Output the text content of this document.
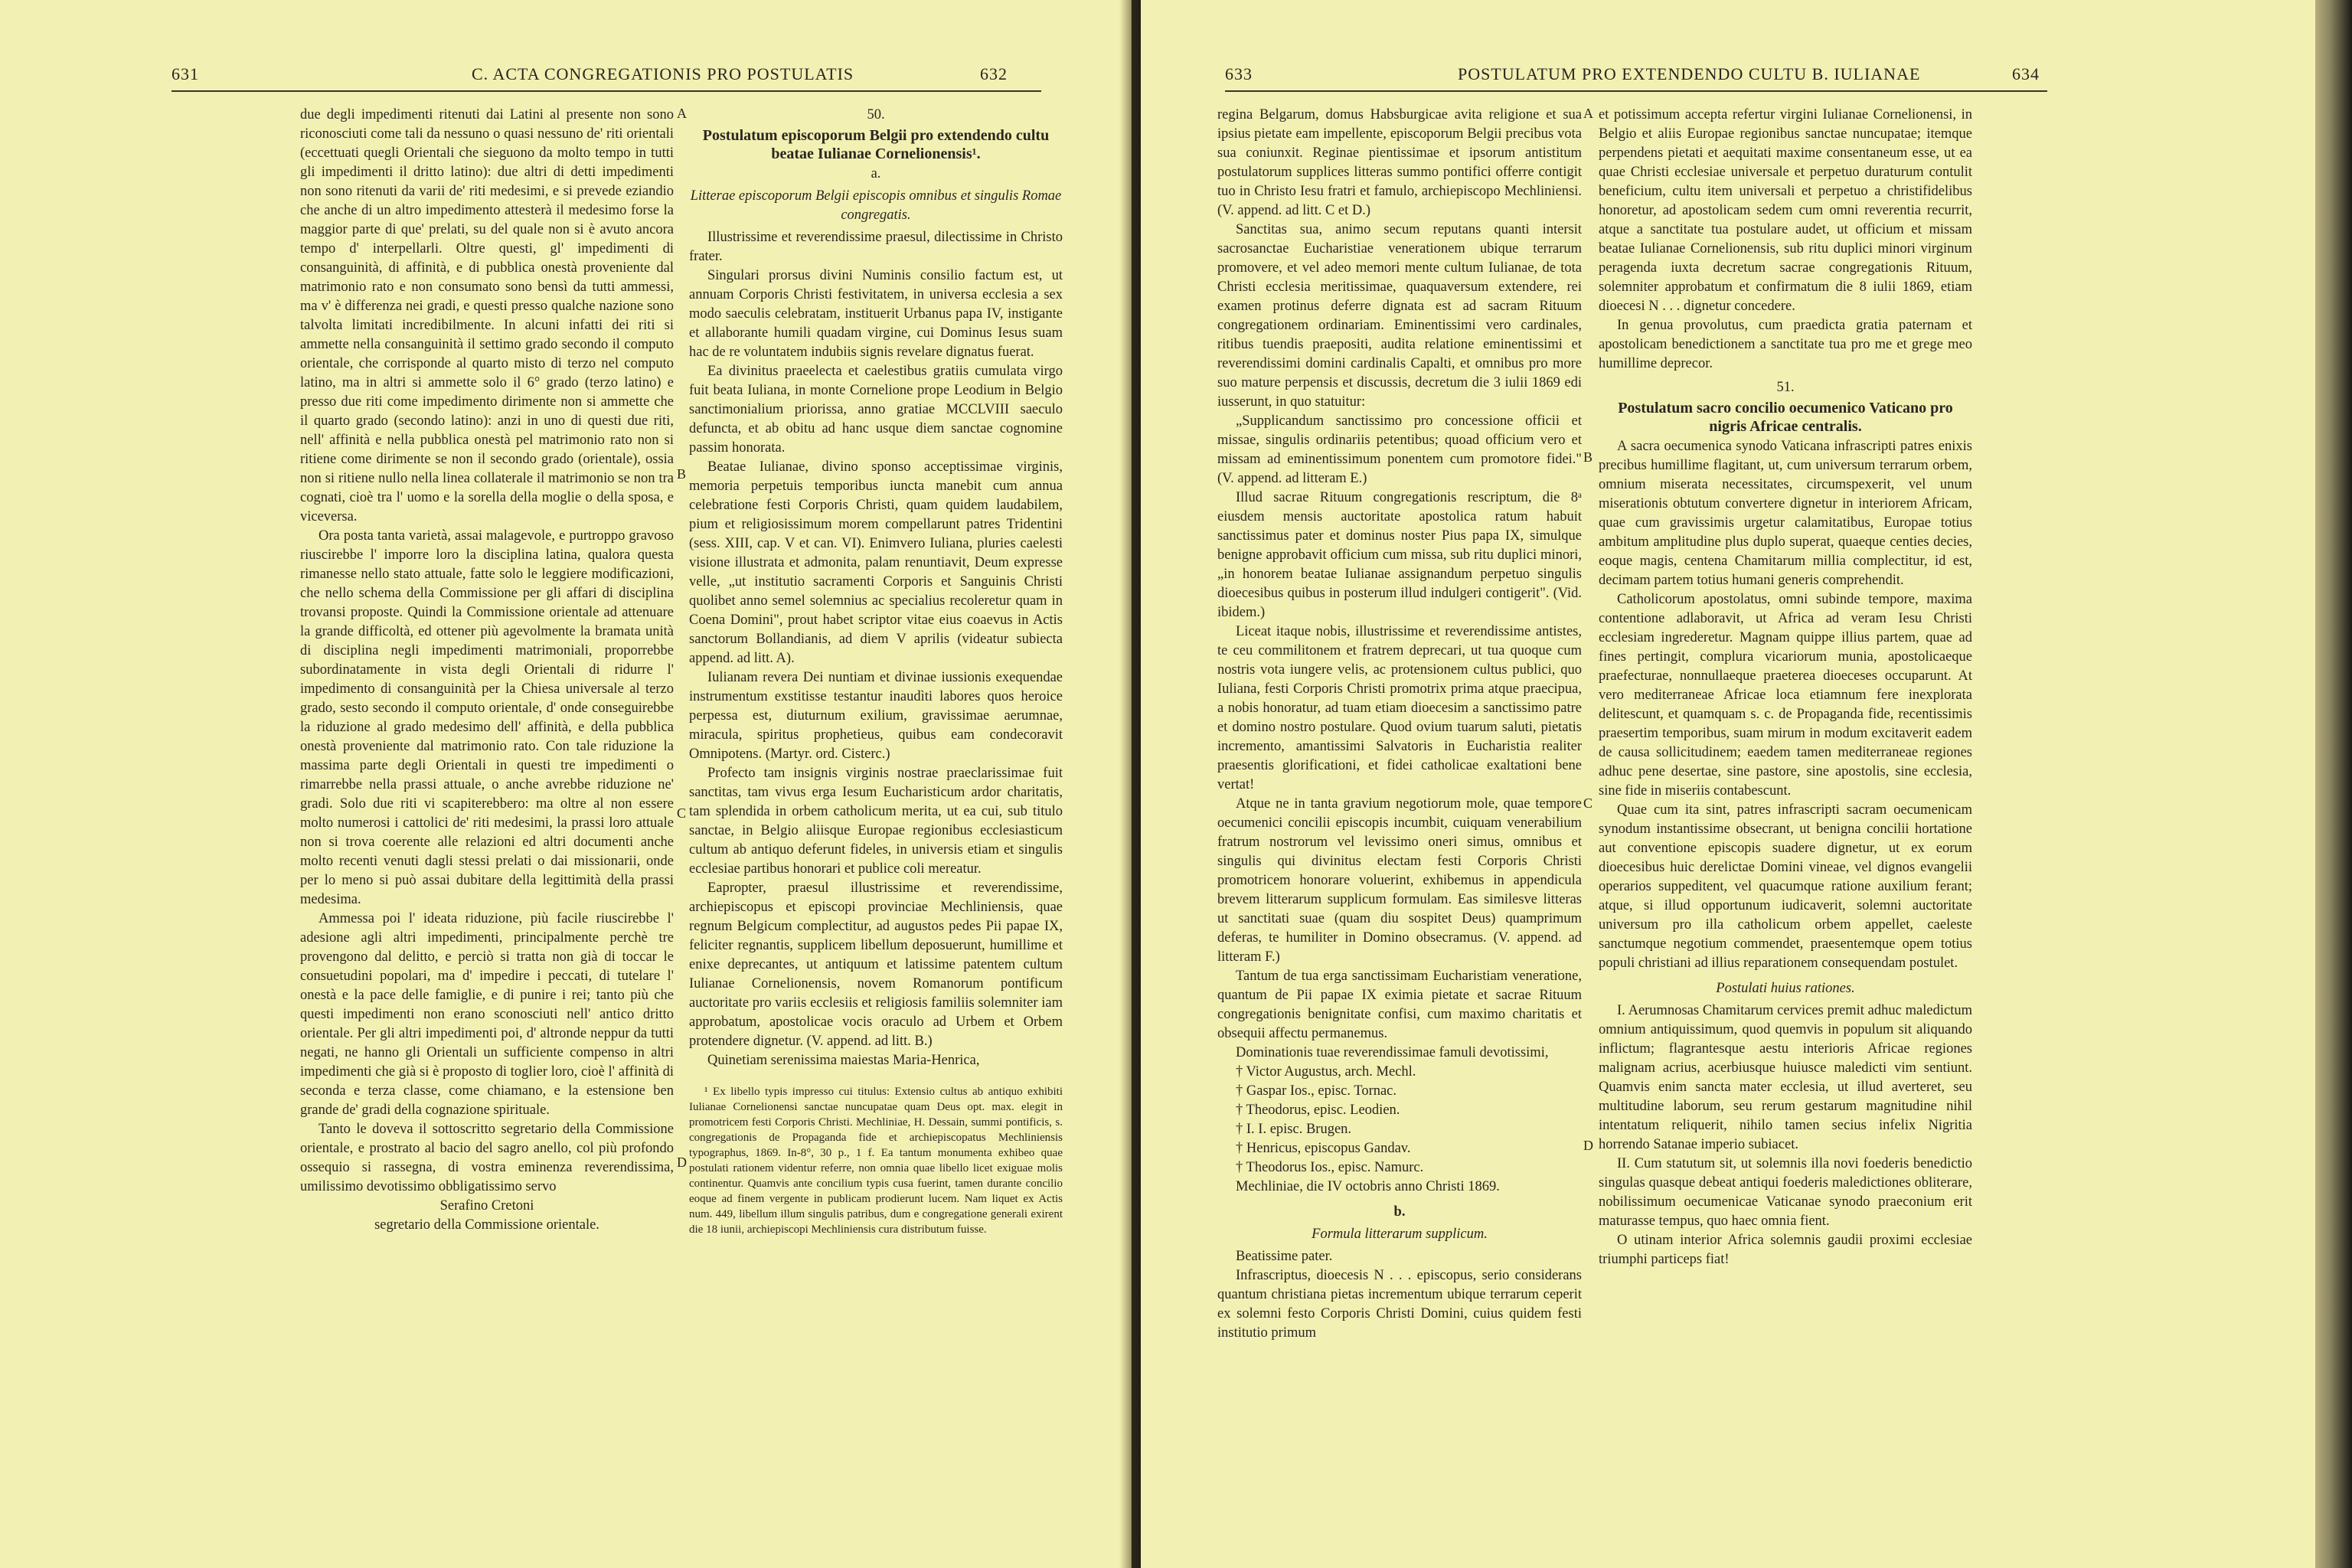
631	C. ACTA CONGREGATIONIS PRO POSTULATIS	632

due degli impedimenti ritenuti dai Latini al presente non sono riconosciuti come tali da nessuno o quasi nessuno de' riti orientali (eccettuati quegli Orientali che sieguono da molto tempo in tutti gli impedimenti il dritto latino): due altri di detti impedimenti non sono ritenuti da varii de' riti medesimi, e si prevede eziandio che anche di un altro impedimento attesterà il medesimo forse la maggior parte di que' prelati, su del quale non si è avuto ancora tempo d' interpellarli. Oltre questi, gl' impedimenti di consanguinità, di affinità, e di pubblica onestà proveniente dal matrimonio rato e non consumato sono bensì da tutti ammessi, ma v' è differenza nei gradi, e questi presso qualche nazione sono talvolta limitati incredibilmente. In alcuni infatti dei riti si ammette nella consanguinità il settimo grado secondo il computo orientale, che corrisponde al quarto misto di terzo nel computo latino, ma in altri si ammette solo il 6° grado (terzo latino) e presso due riti come impedimento dirimente non si ammette che il quarto grado (secondo latino): anzi in uno di questi due riti, nell' affinità e nella pubblica onestà pel matrimonio rato non si ritiene come dirimente se non il secondo grado (orientale), ossia non si ritiene nullo nella linea collaterale il matrimonio se non tra cognati, cioè tra l' uomo e la sorella della moglie o della sposa, e viceversa.

Ora posta tanta varietà, assai malagevole, e purtroppo gravoso riuscirebbe l' imporre loro la disciplina latina, qualora questa rimanesse nello stato attuale, fatte solo le leggiere modificazioni, che nello schema della Commissione per gli affari di disciplina trovansi proposte. Quindi la Commissione orientale ad attenuare la grande difficoltà, ed ottener più agevolmente la bramata unità di disciplina negli impedimenti matrimoniali, proporrebbe subordinatamente in vista degli Orientali di ridurre l' impedimento di consanguinità per la Chiesa universale al terzo grado, sesto secondo il computo orientale, d' onde conseguirebbe la riduzione al grado medesimo dell' affinità, e della pubblica onestà proveniente dal matrimonio rato. Con tale riduzione la massima parte degli Orientali in questi tre impedimenti o rimarrebbe nella prassi attuale, o anche avrebbe riduzione ne' gradi. Solo due riti vi scapiterebbero: ma oltre al non essere molto numerosi i cattolici de' riti medesimi, la prassi loro attuale non si trova coerente alle relazioni ed altri documenti anche molto recenti venuti dagli stessi prelati o dai missionarii, onde per lo meno si può assai dubitare della legittimità della prassi medesima.

Ammessa poi l' ideata riduzione, più facile riuscirebbe l' adesione agli altri impedimenti, principalmente perchè tre provengono dal delitto, e perciò si tratta non già di toccar le consuetudini popolari, ma d' impedire i peccati, di tutelare l' onestà e la pace delle famiglie, e di punire i rei; tanto più che questi impedimenti non erano sconosciuti nell' antico dritto orientale. Per gli altri impedimenti poi, d' altronde neppur da tutti negati, ne hanno gli Orientali un sufficiente compenso in altri impedimenti che già si è proposto di toglier loro, cioè l' affinità di seconda e terza classe, come chiamano, e la estensione ben grande de' gradi della cognazione spirituale.

Tanto le doveva il sottoscritto segretario della Commissione orientale, e prostrato al bacio del sagro anello, col più profondo ossequio si rassegna, di vostra eminenza reverendissima, umilissimo devotissimo obbligatissimo servo

Serafino Cretoni

segretario della Commissione orientale.

A
B
C
D

50.

Postulatum episcoporum Belgii pro extendendo cultu beatae Iulianae Cornelionensis¹.

a.

Litterae episcoporum Belgii episcopis omnibus et singulis Romae congregatis.

Illustrissime et reverendissime praesul, dilectissime in Christo frater.

Singulari prorsus divini Numinis consilio factum est, ut annuam Corporis Christi festivitatem, in universa ecclesia a sex modo saeculis celebratam, instituerit Urbanus papa IV, instigante et allaborante humili quadam virgine, cui Dominus Iesus suam hac de re voluntatem indubiis signis revelare dignatus fuerat.

Ea divinitus praeelecta et caelestibus gratiis cumulata virgo fuit beata Iuliana, in monte Cornelione prope Leodium in Belgio sanctimonialium priorissa, anno gratiae MCCLVIII saeculo defuncta, et ab obitu ad hanc usque diem sanctae cognomine passim honorata.

Beatae Iulianae, divino sponso acceptissimae virginis, memoria perpetuis temporibus iuncta manebit cum annua celebratione festi Corporis Christi, quam quidem laudabilem, pium et religiosissimum morem compellarunt patres Tridentini (sess. XIII, cap. V et can. VI). Enimvero Iuliana, pluries caelesti visione illustrata et admonita, palam renuntiavit, Deum expresse velle, „ut institutio sacramenti Corporis et Sanguinis Christi quolibet anno semel solemnius ac specialius recoleretur quam in Coena Domini", prout habet scriptor vitae eius coaevus in Actis sanctorum Bollandianis, ad diem V aprilis (videatur subiecta append. ad litt. A).

Iulianam revera Dei nuntiam et divinae iussionis exequendae instrumentum exstitisse testantur inaudìti labores quos heroice perpessa est, diuturnum exilium, gravissimae aerumnae, miracula, spiritus prophetieus, quibus eam condecoravit Omnipotens. (Martyr. ord. Cisterc.)

Profecto tam insignis virginis nostrae praeclarissimae fuit sanctitas, tam vivus erga Iesum Eucharisticum ardor charitatis, tam splendida in orbem catholicum merita, ut ea cui, sub titulo sanctae, in Belgio aliisque Europae regionibus ecclesiasticum cultum ab antiquo deferunt fideles, in universis etiam et singulis ecclesiae partibus honorari et publice coli mereatur.

Eapropter, praesul illustrissime et reverendissime, archiepiscopus et episcopi provinciae Mechliniensis, quae regnum Belgicum complectitur, ad augustos pedes Pii papae IX, feliciter regnantis, supplicem libellum deposuerunt, humillime et enixe deprecantes, ut antiquum et latissime patentem cultum Iulianae Cornelionensis, novem Romanorum pontificum auctoritate pro variis ecclesiis et religiosis familiis solemniter iam approbatum, apostolicae vocis oraculo ad Urbem et Orbem protendere dignetur. (V. append. ad litt. B.)

Quinetiam serenissima maiestas Maria-Henrica,

¹ Ex libello typis impresso cui titulus: Extensio cultus ab antiquo exhibiti Iulianae Cornelionensi sanctae nuncupatae quam Deus opt. max. elegit in promotricem festi Corporis Christi. Mechliniae, H. Dessain, summi pontificis, s. congregationis de Propaganda fide et archiepiscopatus Mechliniensis typographus, 1869. In-8°, 30 p., 1 f. Ea tantum monumenta exhibeo quae postulati rationem videntur referre, non omnia quae libello licet exiguae molis continentur. Quamvis ante concilium typis cusa fuerint, tamen durante concilio eoque ad finem vergente in publicam prodierunt lucem. Nam liquet ex Actis num. 449, libellum illum singulis patribus, dum e congregatione generali exirent die 18 iunii, archiepiscopi Mechliniensis cura distributum fuisse.
633	POSTULATUM PRO EXTENDENDO CULTU B. IULIANAE	634

regina Belgarum, domus Habsburgicae avita religione et sua ipsius pietate eam impellente, episcoporum Belgii precibus vota sua coniunxit. Reginae pientissimae et ipsorum antistitum postulatorum supplices litteras summo pontifici offerre contigit tuo in Christo Iesu fratri et famulo, archiepiscopo Mechliniensi. (V. append. ad litt. C et D.)

Sanctitas sua, animo secum reputans quanti intersit sacrosanctae Eucharistiae venerationem ubique terrarum promovere, et vel adeo memori mente cultum Iulianae, de tota Christi ecclesia meritissimae, quaquaversum extendere, rei examen protinus deferre dignata est ad sacram Rituum congregationem ordinariam. Eminentissimi vero cardinales, ritibus tuendis praepositi, audita relatione eminentissimi et reverendissimi domini cardinalis Capalti, et omnibus pro more suo mature perpensis et discussis, decretum die 3 iulii 1869 edi iusserunt, in quo statuitur:

„Supplicandum sanctissimo pro concessione officii et missae, singulis ordinariis petentibus; quoad officium vero et missam ad eminentissimum ponentem cum promotore fidei." (V. append. ad litteram E.)

Illud sacrae Rituum congregationis rescriptum, die 8ᵃ eiusdem mensis auctoritate apostolica ratum habuit sanctissimus pater et dominus noster Pius papa IX, simulque benigne approbavit officium cum missa, sub ritu duplici minori, „in honorem beatae Iulianae assignandum perpetuo singulis dioecesibus quibus in posterum illud indulgeri contigerit". (Vid. ibidem.)

Liceat itaque nobis, illustrissime et reverendissime antistes, te ceu commilitonem et fratrem deprecari, ut tua quoque cum nostris vota iungere velis, ac protensionem cultus publici, quo Iuliana, festi Corporis Christi promotrix prima atque praecipua, a nobis honoratur, ad tuam etiam dioecesim a sanctissimo patre et domino nostro postulare. Quod ovium tuarum saluti, pietatis incremento, amantissimi Salvatoris in Eucharistia realiter praesentis glorificationi, et fidei catholicae exaltationi bene vertat!

Atque ne in tanta gravium negotiorum mole, quae tempore oecumenici concilii episcopis incumbit, cuiquam venerabilium fratrum nostrorum vel levissimo oneri simus, omnibus et singulis qui divinitus electam festi Corporis Christi promotricem honorare voluerint, exhibemus in appendicula brevem litterarum supplicum formulam. Eas similesve litteras ut sanctitati suae (quam diu sospitet Deus) quamprimum deferas, te humiliter in Domino obsecramus. (V. append. ad litteram F.)

Tantum de tua erga sanctissimam Eucharistiam veneratione, quantum de Pii papae IX eximia pietate et sacrae Rituum congregationis benignitate confisi, cum maximo charitatis et obsequii affectu permanemus.

Dominationis tuae reverendissimae famuli devotissimi,

† Victor Augustus, arch. Mechl.

† Gaspar Ios., episc. Tornac.

† Theodorus, episc. Leodien.

† I. I. episc. Brugen.

† Henricus, episcopus Gandav.

† Theodorus Ios., episc. Namurc.

Mechliniae, die IV octobris anno Christi 1869.

b.

Formula litterarum supplicum.

Beatissime pater.

Infrascriptus, dioecesis N . . . episcopus, serio considerans quantum christiana pietas incrementum ubique terrarum ceperit ex solemni festo Corporis Christi Domini, cuius quidem festi institutio primum

A
B
C
D

et potissimum accepta refertur virgini Iulianae Cornelionensi, in Belgio et aliis Europae regionibus sanctae nuncupatae; itemque perpendens pietati et aequitati maxime consentaneum esse, ut ea quae Christi ecclesiae universale et perpetuo duraturum contulit beneficium, cultu item universali et perpetuo a christifidelibus honoretur, ad apostolicam sedem cum omni reverentia recurrit, atque a sanctitate tua postulare audet, ut officium et missam beatae Iulianae Cornelionensis, sub ritu duplici minori virginum peragenda iuxta decretum sacrae congregationis Rituum, solemniter approbatum et confirmatum die 8 iulii 1869, etiam dioecesi N . . . dignetur concedere.

In genua provolutus, cum praedicta gratia paternam et apostolicam benedictionem a sanctitate tua pro me et grege meo humillime deprecor.

51.

Postulatum sacro concilio oecumenico Vaticano pro nigris Africae centralis.

A sacra oecumenica synodo Vaticana infrascripti patres enixis precibus humillime flagitant, ut, cum universum terrarum orbem, omnium miserata necessitates, circumspexerit, vel unum miserationis obtutum convertere dignetur in interiorem Africam, quae cum gravissimis urgetur calamitatibus, Europae totius ambitum amplitudine plus duplo superat, quaeque centies decies, eoque magis, centena Chamitarum millia complectitur, id est, decimam partem totius humani generis comprehendit.

Catholicorum apostolatus, omni subinde tempore, maxima contentione adlaboravit, ut Africa ad veram Iesu Christi ecclesiam ingrederetur. Magnam quippe illius partem, quae ad fines pertingit, complura vicariorum munia, apostolicaeque praefecturae, nonnullaeque praeterea dioeceses occuparunt. At vero mediterraneae Africae loca etiamnum fere inexplorata delitescunt, et quamquam s. c. de Propaganda fide, recentissimis praesertim temporibus, suam mirum in modum excitaverit eadem de causa sollicitudinem; eaedem tamen mediterraneae regiones adhuc pene desertae, sine pastore, sine apostolis, sine ecclesia, sine fide in miseriis contabescunt.

Quae cum ita sint, patres infrascripti sacram oecumenicam synodum instantissime obsecrant, ut benigna concilii hortatione aut conventione episcopis suadere dignetur, ut ex eorum dioecesibus huic derelictae Domini vineae, vel dignos evangelii operarios suppeditent, vel quacumque ratione auxilium ferant; atque, si illud opportunum iudicaverit, solemni auctoritate universum pro illa catholicum orbem appellet, caeleste sanctumque negotium commendet, praesentemque opem totius populi christiani ad illius reparationem consequendam postulet.

Postulati huius rationes.

I. Aerumnosas Chamitarum cervices premit adhuc maledictum omnium antiquissimum, quod quemvis in populum sit aliquando inflictum; flagrantesque aestu interioris Africae regiones malignam acrius, acerbiusque huiusce maledicti vim sentiunt. Quamvis enim sancta mater ecclesia, ut illud averteret, seu multitudine laborum, seu rerum gestarum magnitudine nihil intentatum reliquerit, nihilo tamen secius infelix Nigritia horrendo Satanae imperio subiacet.

II. Cum statutum sit, ut solemnis illa novi foederis benedictio singulas quasque debeat antiqui foederis maledictiones obliterare, nobilissimum oecumenicae Vaticanae synodo praeconium erit maturasse tempus, quo haec omnia fient.

O utinam interior Africa solemnis gaudii proximi ecclesiae triumphi particeps fiat!
